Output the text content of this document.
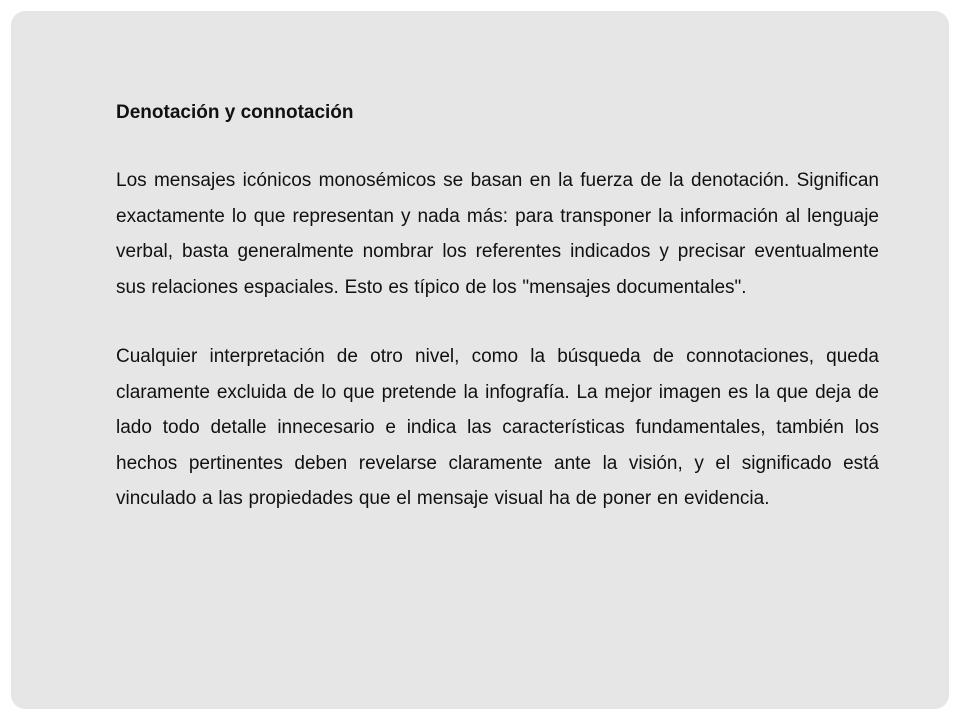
Denotación y connotación

Los mensajes icónicos monosémicos se basan en la fuerza de la denotación. Significan exactamente lo que representan y nada más: para transponer la información al lenguaje verbal, basta generalmente nombrar los referentes indicados y precisar eventualmente sus relaciones espaciales. Esto es típico de los "mensajes documentales".

Cualquier interpretación de otro nivel, como la búsqueda de connotaciones, queda claramente excluida de lo que pretende la infografía. La mejor imagen es la que deja de lado todo detalle innecesario e indica las características fundamentales, también los hechos pertinentes deben revelarse claramente ante la visión, y el significado está vinculado a las propiedades que el mensaje visual ha de poner en evidencia.
